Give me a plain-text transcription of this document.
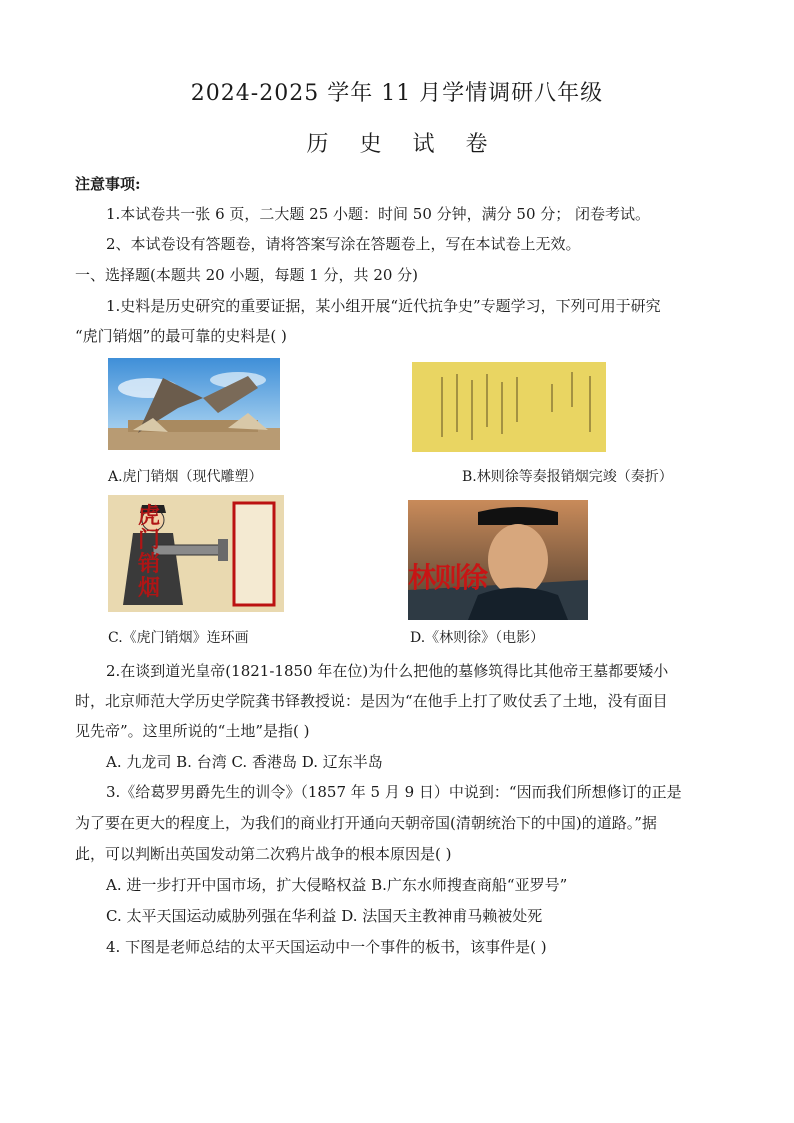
2024-2025 学年 11 月学情调研八年级
历 史 试 卷
注意事项:
1.本试卷共一张 6 页，二大题 25 小题：时间 50 分钟，满分 50 分； 闭卷考试。
2、本试卷设有答题卷，请将答案写涂在答题卷上，写在本试卷上无效。
一、选择题(本题共 20 小题，每题 1 分，共 20 分)
1.史料是历史研究的重要证据，某小组开展“近代抗争史”专题学习，下列可用于研究
“虎门销烟”的最可靠的史料是( )
A.虎门销烟（现代雕塑）	B.林则徐等奏报销烟完竣（奏折）
虎门销烟
C.《虎门销烟》连环画
林则徐
D.《林则徐》（电影）
2.在谈到道光皇帝(1821-1850 年在位)为什么把他的墓修筑得比其他帝王墓都要矮小
时，北京师范大学历史学院龚书铎教授说：是因为“在他手上打了败仗丢了土地，没有面目
见先帝”。这里所说的“土地”是指( )
A. 九龙司 B. 台湾 C. 香港岛 D. 辽东半岛
3.《给葛罗男爵先生的训令》（1857 年 5 月 9 日）中说到：“因而我们所想修订的正是
为了要在更大的程度上，为我们的商业打开通向天朝帝国(清朝统治下的中国)的道路。”据
此，可以判断出英国发动第二次鸦片战争的根本原因是( )
A. 进一步打开中国市场，扩大侵略权益 B.广东水师搜查商船“亚罗号”
C. 太平天国运动威胁列强在华利益 D. 法国天主教神甫马赖被处死
4. 下图是老师总结的太平天国运动中一个事件的板书，该事件是( )
